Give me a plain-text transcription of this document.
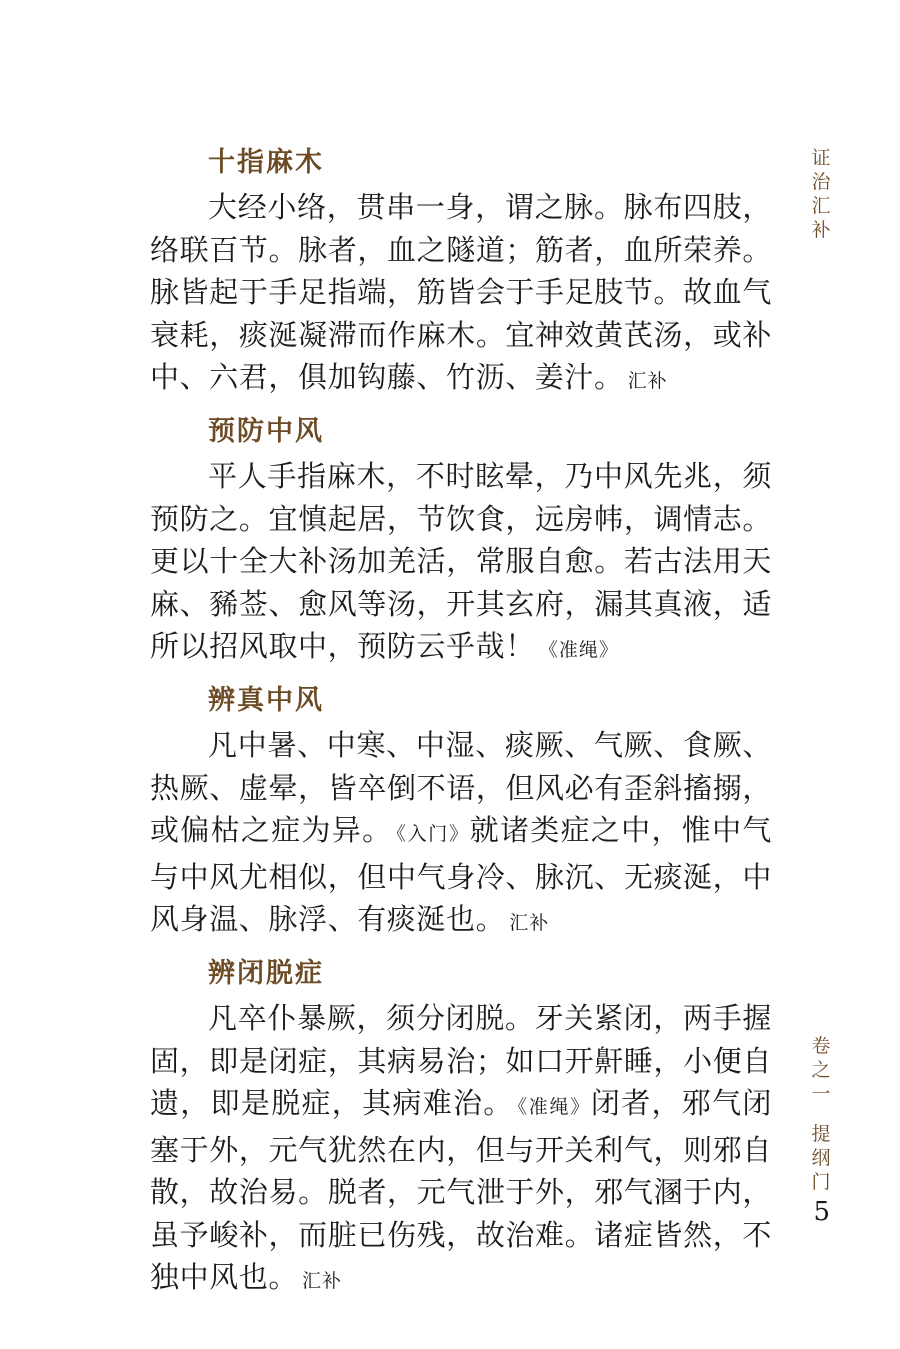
十指麻木

大经小络，贯串一身，谓之脉。脉布四肢，络联百节。脉者，血之隧道；筋者，血所荣养。脉皆起于手足指端，筋皆会于手足肢节。故血气衰耗，痰涎凝滞而作麻木。宜神效黄芪汤，或补中、六君，俱加钩藤、竹沥、姜汁。 汇补

预防中风

平人手指麻木，不时眩晕，乃中风先兆，须预防之。宜慎起居，节饮食，远房帏，调情志。更以十全大补汤加羌活，常服自愈。若古法用天麻、豨莶、愈风等汤，开其玄府，漏其真液，适所以招风取中，预防云乎哉！ 《准绳》

辨真中风

凡中暑、中寒、中湿、痰厥、气厥、食厥、热厥、虚晕，皆卒倒不语，但风必有歪斜搐搦，或偏枯之症为异。 《入门》就诸类症之中，惟中气与中风尤相似，但中气身冷、脉沉、无痰涎，中风身温、脉浮、有痰涎也。 汇补

辨闭脱症

凡卒仆暴厥，须分闭脱。牙关紧闭，两手握固，即是闭症，其病易治；如口开鼾睡，小便自遗，即是脱症，其病难治。 《准绳》闭者，邪气闭塞于外，元气犹然在内，但与开关利气，则邪自散，故治易。脱者，元气泄于外，邪气溷于内，虽予峻补，而脏已伤残，故治难。诸症皆然，不独中风也。 汇补

证
治
汇
补
卷
之
一
提
纲
门
5
